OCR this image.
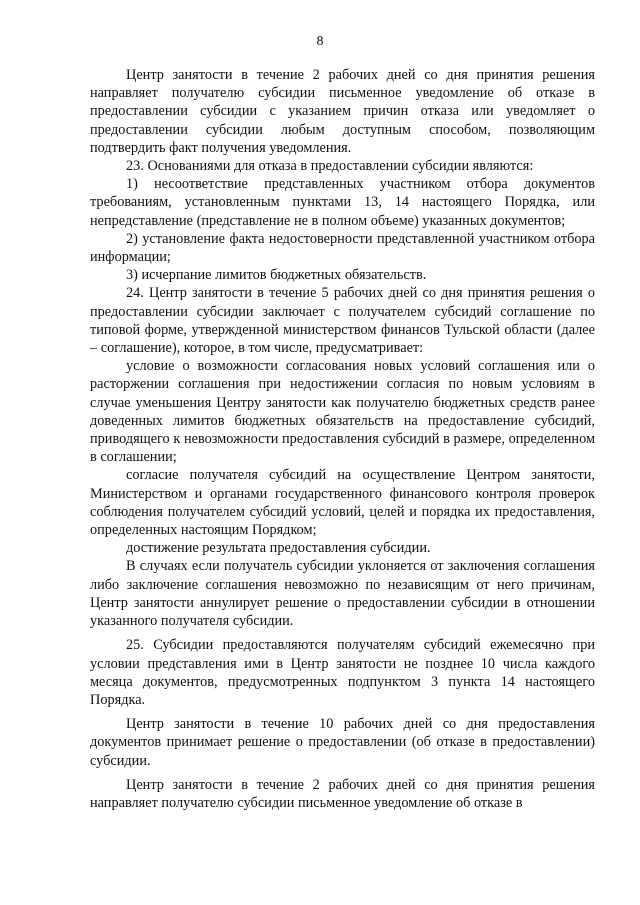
8

Центр занятости в течение 2 рабочих дней со дня принятия решения направляет получателю субсидии письменное уведомление об отказе в предоставлении субсидии с указанием причин отказа или уведомляет о предоставлении субсидии любым доступным способом, позволяющим подтвердить факт получения уведомления.

23. Основаниями для отказа в предоставлении субсидии являются:

1) несоответствие представленных участником отбора документов требованиям, установленным пунктами 13, 14 настоящего Порядка, или непредставление (представление не в полном объеме) указанных документов;

2) установление факта недостоверности представленной участником отбора информации;

3) исчерпание лимитов бюджетных обязательств.

24. Центр занятости в течение 5 рабочих дней со дня принятия решения о предоставлении субсидии заключает с получателем субсидий соглашение по типовой форме, утвержденной министерством финансов Тульской области (далее – соглашение), которое, в том числе, предусматривает:

условие о возможности согласования новых условий соглашения или о расторжении соглашения при недостижении согласия по новым условиям в случае уменьшения Центру занятости как получателю бюджетных средств ранее доведенных лимитов бюджетных обязательств на предоставление субсидий, приводящего к невозможности предоставления субсидий в размере, определенном в соглашении;

согласие получателя субсидий на осуществление Центром занятости, Министерством и органами государственного финансового контроля проверок соблюдения получателем субсидий условий, целей и порядка их предоставления, определенных настоящим Порядком;

достижение результата предоставления субсидии.

В случаях если получатель субсидии уклоняется от заключения соглашения либо заключение соглашения невозможно по независящим от него причинам, Центр занятости аннулирует решение о предоставлении субсидии в отношении указанного получателя субсидии.

25. Субсидии предоставляются получателям субсидий ежемесячно при условии представления ими в Центр занятости не позднее 10 числа каждого месяца документов, предусмотренных подпунктом 3 пункта 14 настоящего Порядка.

Центр занятости в течение 10 рабочих дней со дня предоставления документов принимает решение о предоставлении (об отказе в предоставлении) субсидии.

Центр занятости в течение 2 рабочих дней со дня принятия решения направляет получателю субсидии письменное уведомление об отказе в
